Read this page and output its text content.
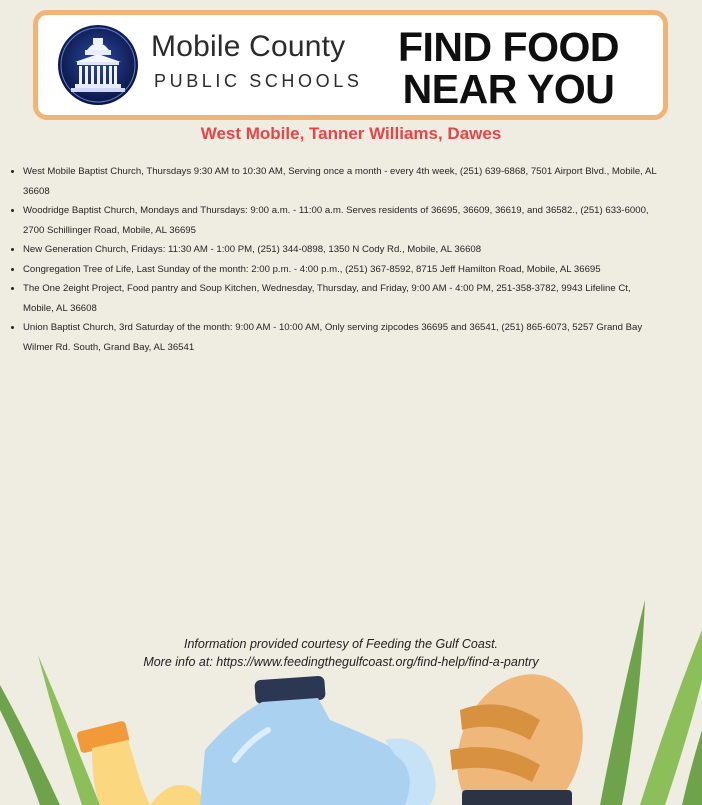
Mobile County
PUBLIC SCHOOLS
FIND FOOD
NEAR YOU
West Mobile, Tanner Williams, Dawes
• West Mobile Baptist Church, Thursdays 9:30 AM to 10:30 AM, Serving once a month - every 4th week, (251) 639-6868, 7501 Airport Blvd., Mobile, AL 36608
• Woodridge Baptist Church, Mondays and Thursdays: 9:00 a.m. - 11:00 a.m. Serves residents of 36695, 36609, 36619, and 36582., (251) 633-6000, 2700 Schillinger Road, Mobile, AL 36695
• New Generation Church, Fridays: 11:30 AM - 1:00 PM, (251) 344-0898, 1350 N Cody Rd., Mobile, AL 36608
• Congregation Tree of Life, Last Sunday of the month: 2:00 p.m. - 4:00 p.m., (251) 367-8592, 8715 Jeff Hamilton Road, Mobile, AL 36695
• The One 2eight Project, Food pantry and Soup Kitchen, Wednesday, Thursday, and Friday, 9:00 AM - 4:00 PM, 251-358-3782, 9943 Lifeline Ct, Mobile, AL 36608
• Union Baptist Church, 3rd Saturday of the month: 9:00 AM - 10:00 AM, Only serving zipcodes 36695 and 36541, (251) 865-6073, 5257 Grand Bay Wilmer Rd. South, Grand Bay, AL 36541
Information provided courtesy of Feeding the Gulf Coast.
More info at: https://www.feedingthegulfcoast.org/find-help/find-a-pantry
